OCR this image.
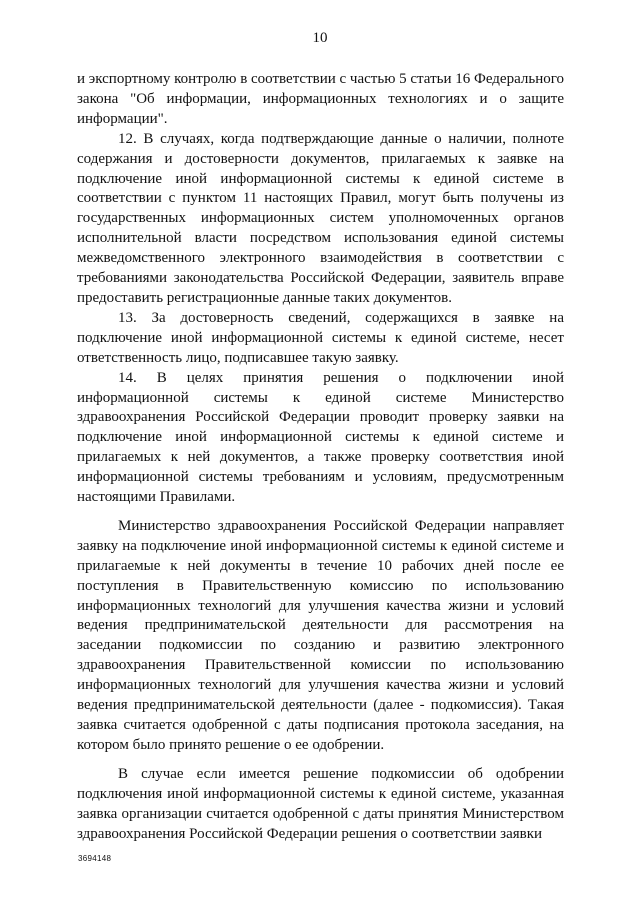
10

и экспортному контролю в соответствии с частью 5 статьи 16 Федерального закона "Об информации, информационных технологиях и о защите информации".

12. В случаях, когда подтверждающие данные о наличии, полноте содержания и достоверности документов, прилагаемых к заявке на подключение иной информационной системы к единой системе в соответствии с пунктом 11 настоящих Правил, могут быть получены из государственных информационных систем уполномоченных органов исполнительной власти посредством использования единой системы межведомственного электронного взаимодействия в соответствии с требованиями законодательства Российской Федерации, заявитель вправе предоставить регистрационные данные таких документов.

13. За достоверность сведений, содержащихся в заявке на подключение иной информационной системы к единой системе, несет ответственность лицо, подписавшее такую заявку.

14. В целях принятия решения о подключении иной информационной системы к единой системе Министерство здравоохранения Российской Федерации проводит проверку заявки на подключение иной информационной системы к единой системе и прилагаемых к ней документов, а также проверку соответствия иной информационной системы требованиям и условиям, предусмотренным настоящими Правилами.

Министерство здравоохранения Российской Федерации направляет заявку на подключение иной информационной системы к единой системе и прилагаемые к ней документы в течение 10 рабочих дней после ее поступления в Правительственную комиссию по использованию информационных технологий для улучшения качества жизни и условий ведения предпринимательской деятельности для рассмотрения на заседании подкомиссии по созданию и развитию электронного здравоохранения Правительственной комиссии по использованию информационных технологий для улучшения качества жизни и условий ведения предпринимательской деятельности (далее - подкомиссия). Такая заявка считается одобренной с даты подписания протокола заседания, на котором было принято решение о ее одобрении.

В случае если имеется решение подкомиссии об одобрении подключения иной информационной системы к единой системе, указанная заявка организации считается одобренной с даты принятия Министерством здравоохранения Российской Федерации решения о соответствии заявки

3694148
